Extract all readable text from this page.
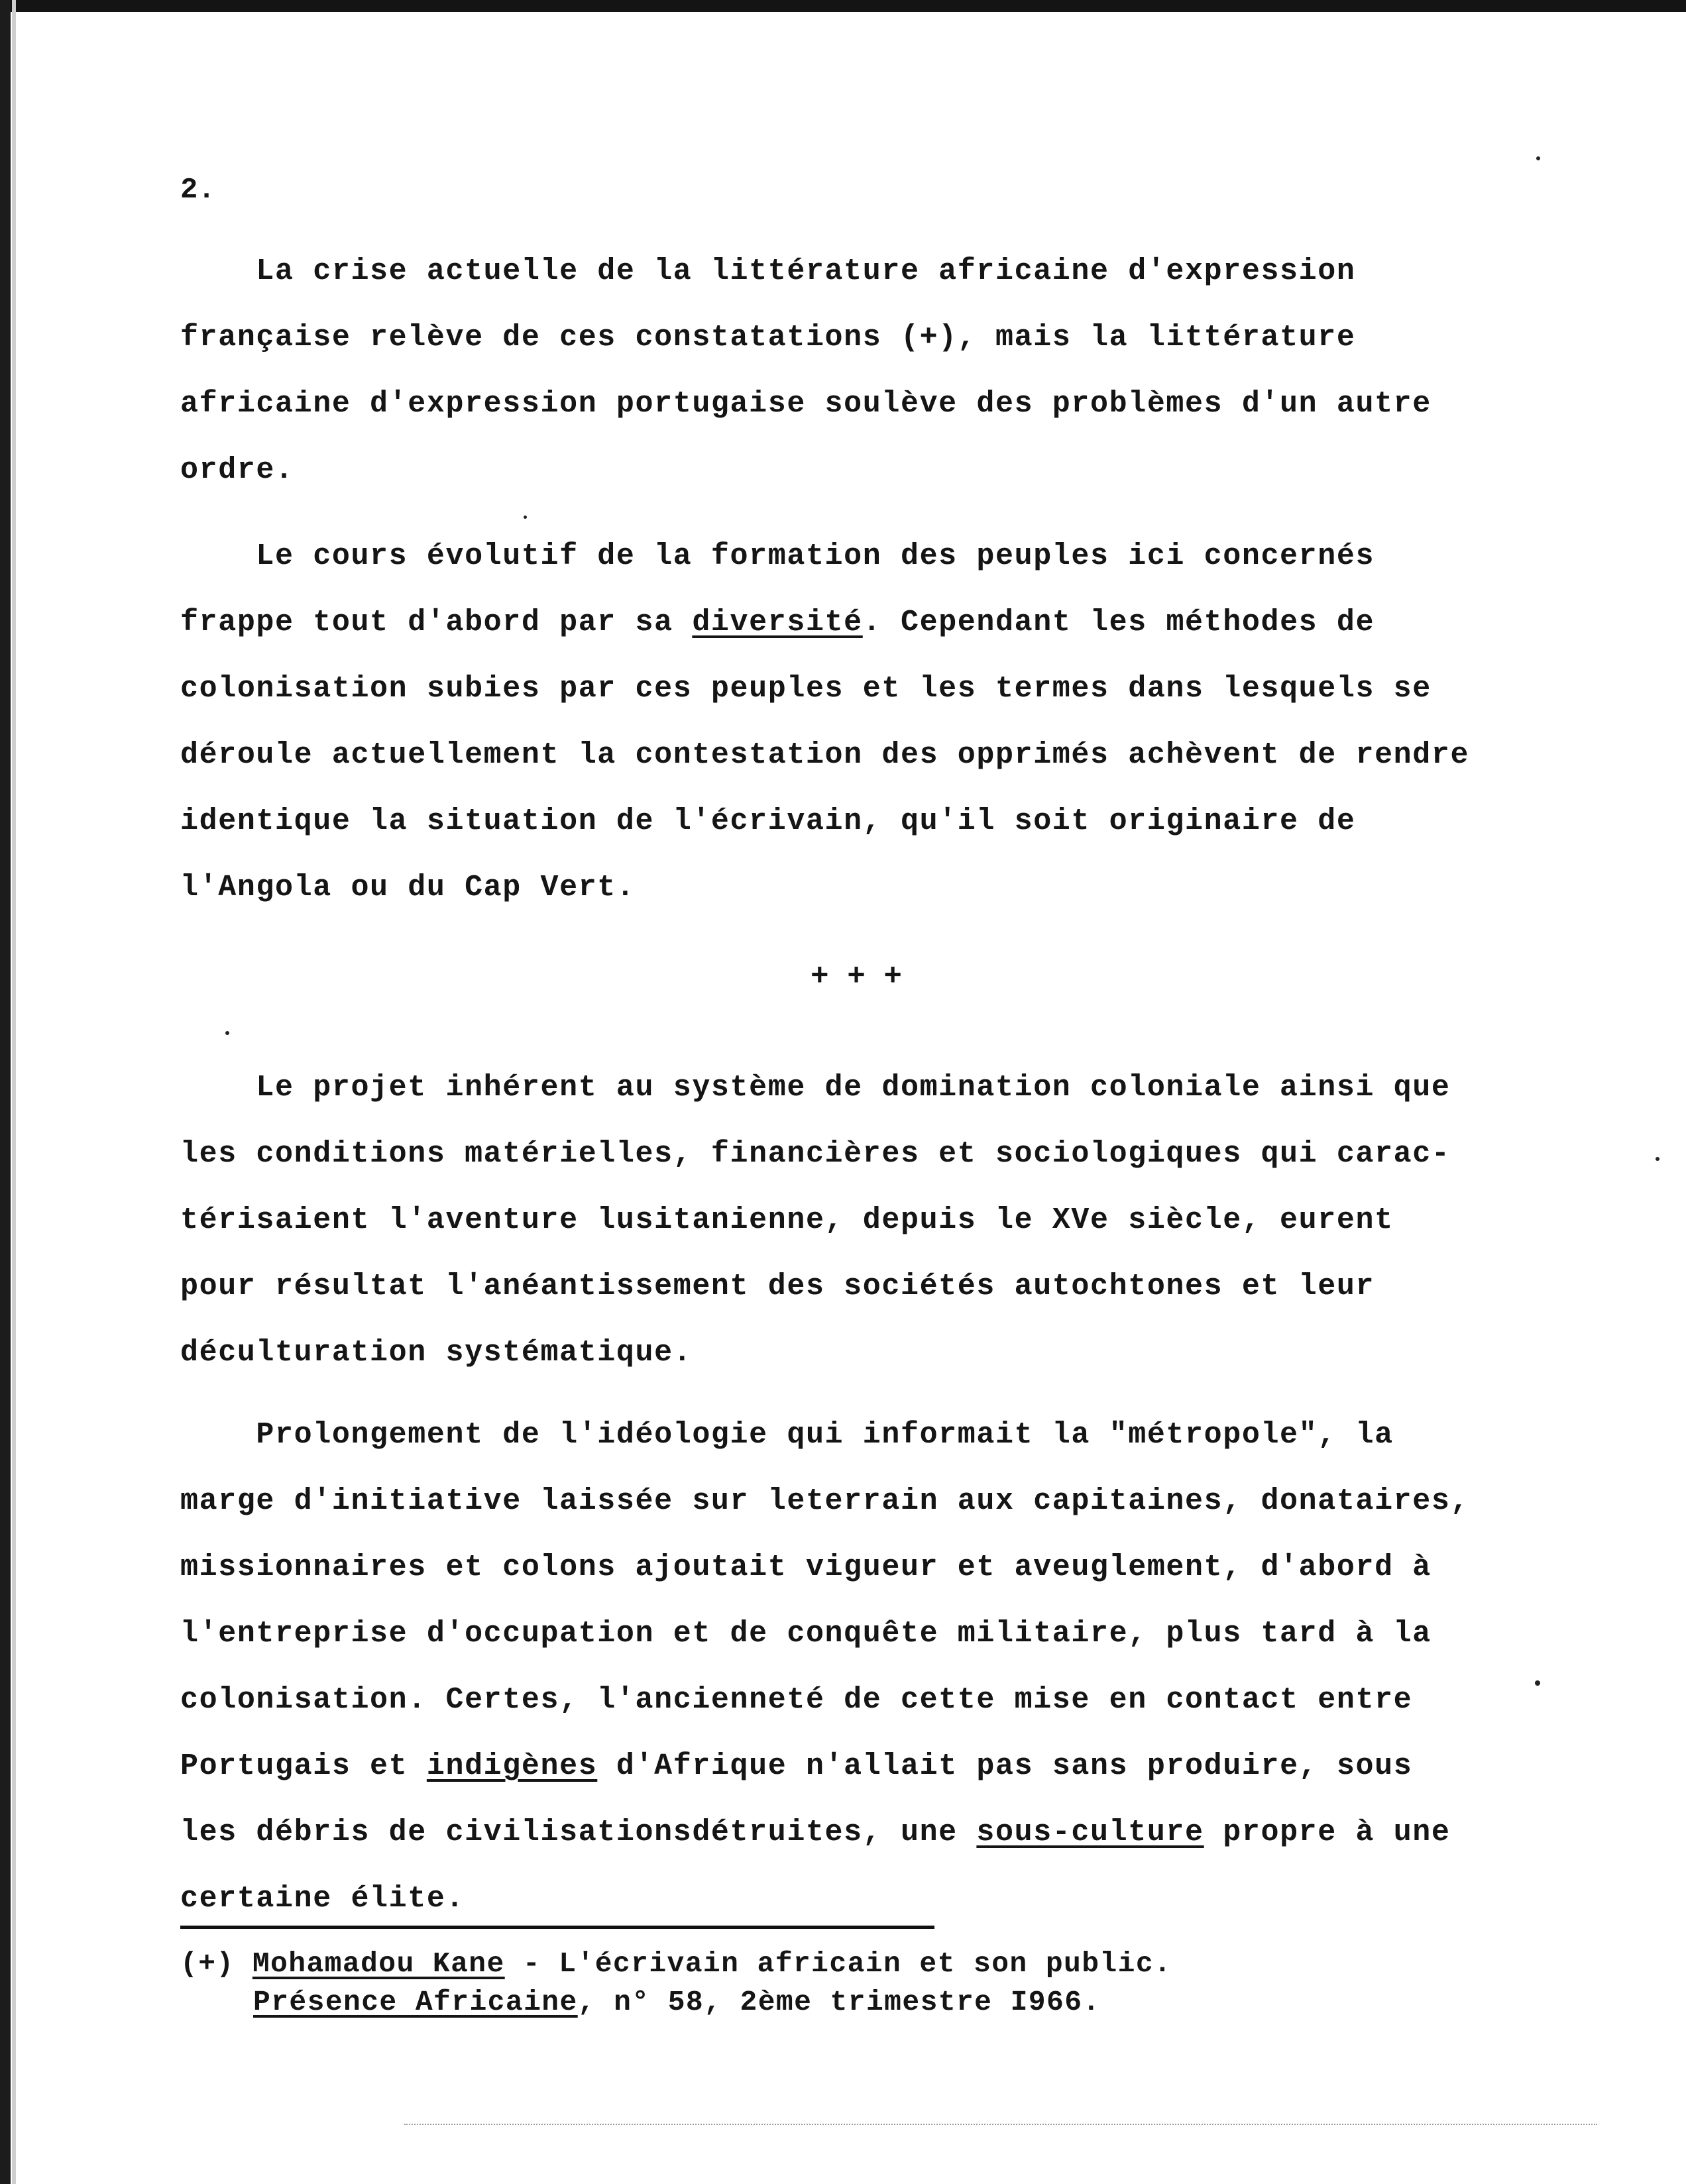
2.
La crise actuelle de la littérature africaine d'expression
française relève de ces constatations (+), mais la littérature
africaine d'expression portugaise soulève des problèmes d'un autre
ordre.
Le cours évolutif de la formation des peuples ici concernés
frappe tout d'abord par sa diversité. Cependant les méthodes de
colonisation subies par ces peuples et les termes dans lesquels se
déroule actuellement la contestation des opprimés achèvent de rendre
identique la situation de l'écrivain, qu'il soit originaire de
l'Angola ou du Cap Vert.
+ + +
Le projet inhérent au système de domination coloniale ainsi que
les conditions matérielles, financières et sociologiques qui carac-
térisaient l'aventure lusitanienne, depuis le XVe siècle, eurent
pour résultat l'anéantissement des sociétés autochtones et leur
déculturation systématique.
Prolongement de l'idéologie qui informait la "métropole", la
marge d'initiative laissée sur leterrain aux capitaines, donataires,
missionnaires et colons ajoutait vigueur et aveuglement, d'abord à
l'entreprise d'occupation et de conquête militaire, plus tard à la
colonisation. Certes, l'ancienneté de cette mise en contact entre
Portugais et indigènes d'Afrique n'allait pas sans produire, sous
les débris de civilisationsdétruites, une sous-culture propre à une
certaine élite.
(+) Mohamadou Kane - L'écrivain africain et son public.
Présence Africaine, n° 58, 2ème trimestre I966.
